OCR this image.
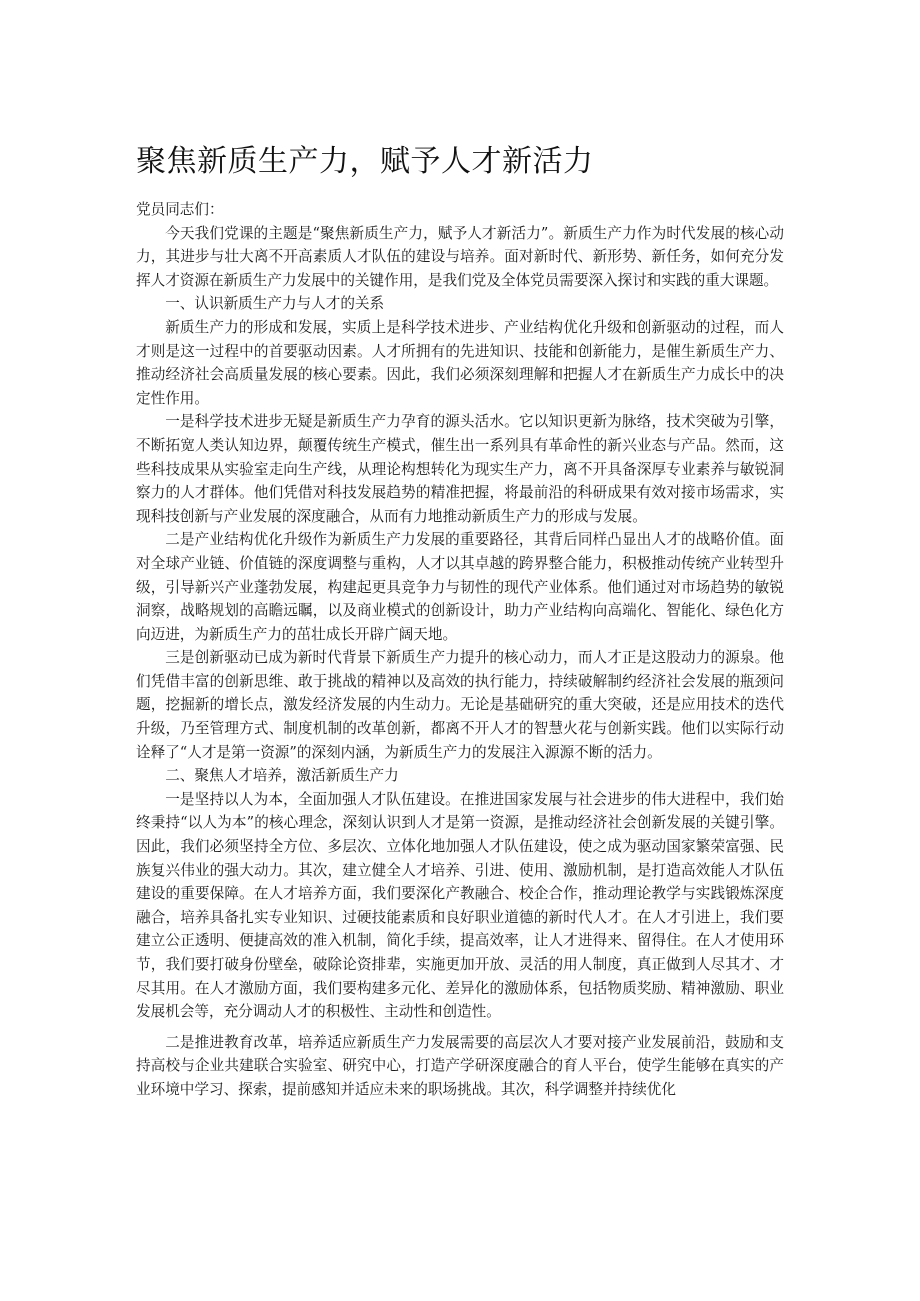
聚焦新质生产力，赋予人才新活力

党员同志们：

今天我们党课的主题是“聚焦新质生产力，赋予人才新活力”。新质生产力作为时代发展的核心动力，其进步与壮大离不开高素质人才队伍的建设与培养。面对新时代、新形势、新任务，如何充分发挥人才资源在新质生产力发展中的关键作用，是我们党及全体党员需要深入探讨和实践的重大课题。

一、认识新质生产力与人才的关系

新质生产力的形成和发展，实质上是科学技术进步、产业结构优化升级和创新驱动的过程，而人才则是这一过程中的首要驱动因素。人才所拥有的先进知识、技能和创新能力，是催生新质生产力、推动经济社会高质量发展的核心要素。因此，我们必须深刻理解和把握人才在新质生产力成长中的决定性作用。

一是科学技术进步无疑是新质生产力孕育的源头活水。它以知识更新为脉络，技术突破为引擎，不断拓宽人类认知边界，颠覆传统生产模式，催生出一系列具有革命性的新兴业态与产品。然而，这些科技成果从实验室走向生产线，从理论构想转化为现实生产力，离不开具备深厚专业素养与敏锐洞察力的人才群体。他们凭借对科技发展趋势的精准把握，将最前沿的科研成果有效对接市场需求，实现科技创新与产业发展的深度融合，从而有力地推动新质生产力的形成与发展。

二是产业结构优化升级作为新质生产力发展的重要路径，其背后同样凸显出人才的战略价值。面对全球产业链、价值链的深度调整与重构，人才以其卓越的跨界整合能力，积极推动传统产业转型升级，引导新兴产业蓬勃发展，构建起更具竞争力与韧性的现代产业体系。他们通过对市场趋势的敏锐洞察，战略规划的高瞻远瞩，以及商业模式的创新设计，助力产业结构向高端化、智能化、绿色化方向迈进，为新质生产力的茁壮成长开辟广阔天地。

三是创新驱动已成为新时代背景下新质生产力提升的核心动力，而人才正是这股动力的源泉。他们凭借丰富的创新思维、敢于挑战的精神以及高效的执行能力，持续破解制约经济社会发展的瓶颈问题，挖掘新的增长点，激发经济发展的内生动力。无论是基础研究的重大突破，还是应用技术的迭代升级，乃至管理方式、制度机制的改革创新，都离不开人才的智慧火花与创新实践。他们以实际行动诠释了“人才是第一资源”的深刻内涵，为新质生产力的发展注入源源不断的活力。

二、聚焦人才培养，激活新质生产力

一是坚持以人为本，全面加强人才队伍建设。在推进国家发展与社会进步的伟大进程中，我们始终秉持“以人为本”的核心理念，深刻认识到人才是第一资源，是推动经济社会创新发展的关键引擎。因此，我们必须坚持全方位、多层次、立体化地加强人才队伍建设，使之成为驱动国家繁荣富强、民族复兴伟业的强大动力。其次，建立健全人才培养、引进、使用、激励机制，是打造高效能人才队伍建设的重要保障。在人才培养方面，我们要深化产教融合、校企合作，推动理论教学与实践锻炼深度融合，培养具备扎实专业知识、过硬技能素质和良好职业道德的新时代人才。在人才引进上，我们要建立公正透明、便捷高效的准入机制，简化手续，提高效率，让人才进得来、留得住。在人才使用环节，我们要打破身份壁垒，破除论资排辈，实施更加开放、灵活的用人制度，真正做到人尽其才、才尽其用。在人才激励方面，我们要构建多元化、差异化的激励体系，包括物质奖励、精神激励、职业发展机会等，充分调动人才的积极性、主动性和创造性。

二是推进教育改革，培养适应新质生产力发展需要的高层次人才要对接产业发展前沿，鼓励和支持高校与企业共建联合实验室、研究中心，打造产学研深度融合的育人平台，使学生能够在真实的产业环境中学习、探索，提前感知并适应未来的职场挑战。其次，科学调整并持续优化
